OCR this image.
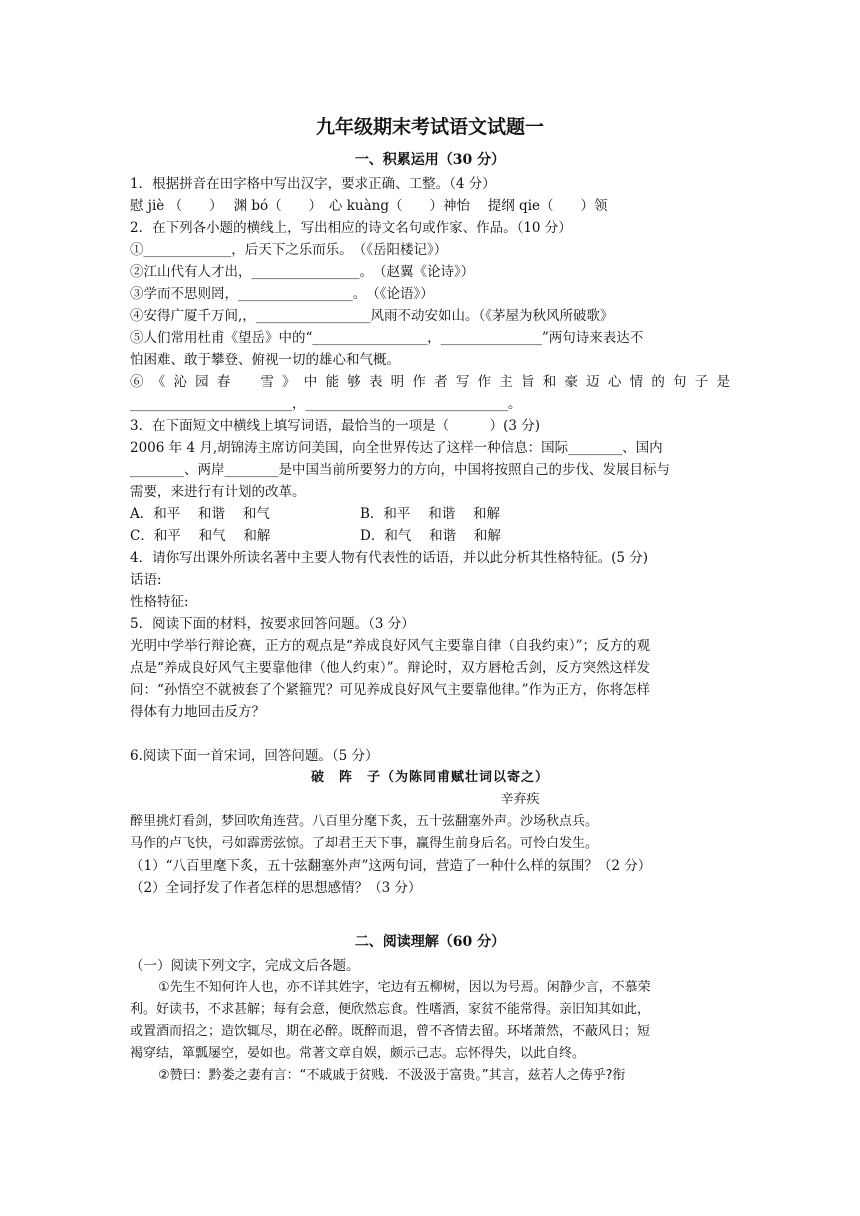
九年级期末考试语文试题一
一、积累运用（30 分）
1．根据拼音在田字格中写出汉字，要求正确、工整。（4 分）
慰 jiè （　　）　 渊 bó（　　）　心 kuàng（　　）神怡　 提纲 qie（　　）领
2．在下列各小题的横线上，写出相应的诗文名句或作家、作品。（10 分）
①_____________，后天下之乐而乐。　（《岳阳楼记》）
②江山代有人才出，________________。　（赵翼《论诗》）
③学而不思则罔，_________________。　（《论语》）
④安得广厦千万间,，_________________风雨不动安如山。（《茅屋为秋风所破歌》
⑤人们常用杜甫《望岳》中的“_________________，_______________”两句诗来表达不
怕困难、敢于攀登、俯视一切的雄心和气概。
⑥《沁园春　雪》中能够表明作者写作主旨和豪迈心情的句子是
________________________，______________________________。
3．在下面短文中横线上填写词语，最恰当的一项是（　　　）(3 分)
2006 年 4 月,胡锦涛主席访问美国，向全世界传达了这样一种信息：国际________、国内
________、两岸________是中国当前所要努力的方向，中国将按照自己的步伐、发展目标与
需要，来进行有计划的改革。
A．和平　 和谐　 和气	B．和平　 和谐　 和解
C．和平　 和气　 和解	D．和气　 和谐　 和解
4．请你写出课外所读名著中主要人物有代表性的话语，并以此分析其性格特征。(5 分)
话语:
性格特征:
5．阅读下面的材料，按要求回答问题。（3 分）
光明中学举行辩论赛，正方的观点是“养成良好风气主要靠自律（自我约束）”；反方的观
点是“养成良好风气主要靠他律（他人约束）”。辩论时，双方唇枪舌剑，反方突然这样发
问：“孙悟空不就被套了个紧箍咒？可见养成良好风气主要靠他律。”作为正方，你将怎样
得体有力地回击反方？
6.阅读下面一首宋词，回答问题。（5 分）
破　阵　子（为陈同甫赋壮词以寄之）
辛弃疾
醉里挑灯看剑，梦回吹角连营。八百里分麾下炙，五十弦翻塞外声。沙场秋点兵。
马作的卢飞快，弓如霹雳弦惊。了却君王天下事，赢得生前身后名。可怜白发生。
（1）“八百里麾下炙，五十弦翻塞外声”这两句词，营造了一种什么样的氛围？（2 分）
（2）全词抒发了作者怎样的思想感情？（3 分）
二、阅读理解（60 分）
（一）阅读下列文字，完成文后各题。
①先生不知何许人也，亦不详其姓字，宅边有五柳树，因以为号焉。闲静少言，不慕荣
利。好读书，不求甚解；每有会意，便欣然忘食。性嗜酒，家贫不能常得。亲旧知其如此，
或置酒而招之；造饮辄尽，期在必醉。既醉而退，曾不吝情去留。环堵萧然，不蔽风日；短
褐穿结，箪瓢屡空，晏如也。常著文章自娱，颇示己志。忘怀得失，以此自终。
②赞曰：黔娄之妻有言：“不戚戚于贫贱．不汲汲于富贵。”其言，兹若人之俦乎?衔
